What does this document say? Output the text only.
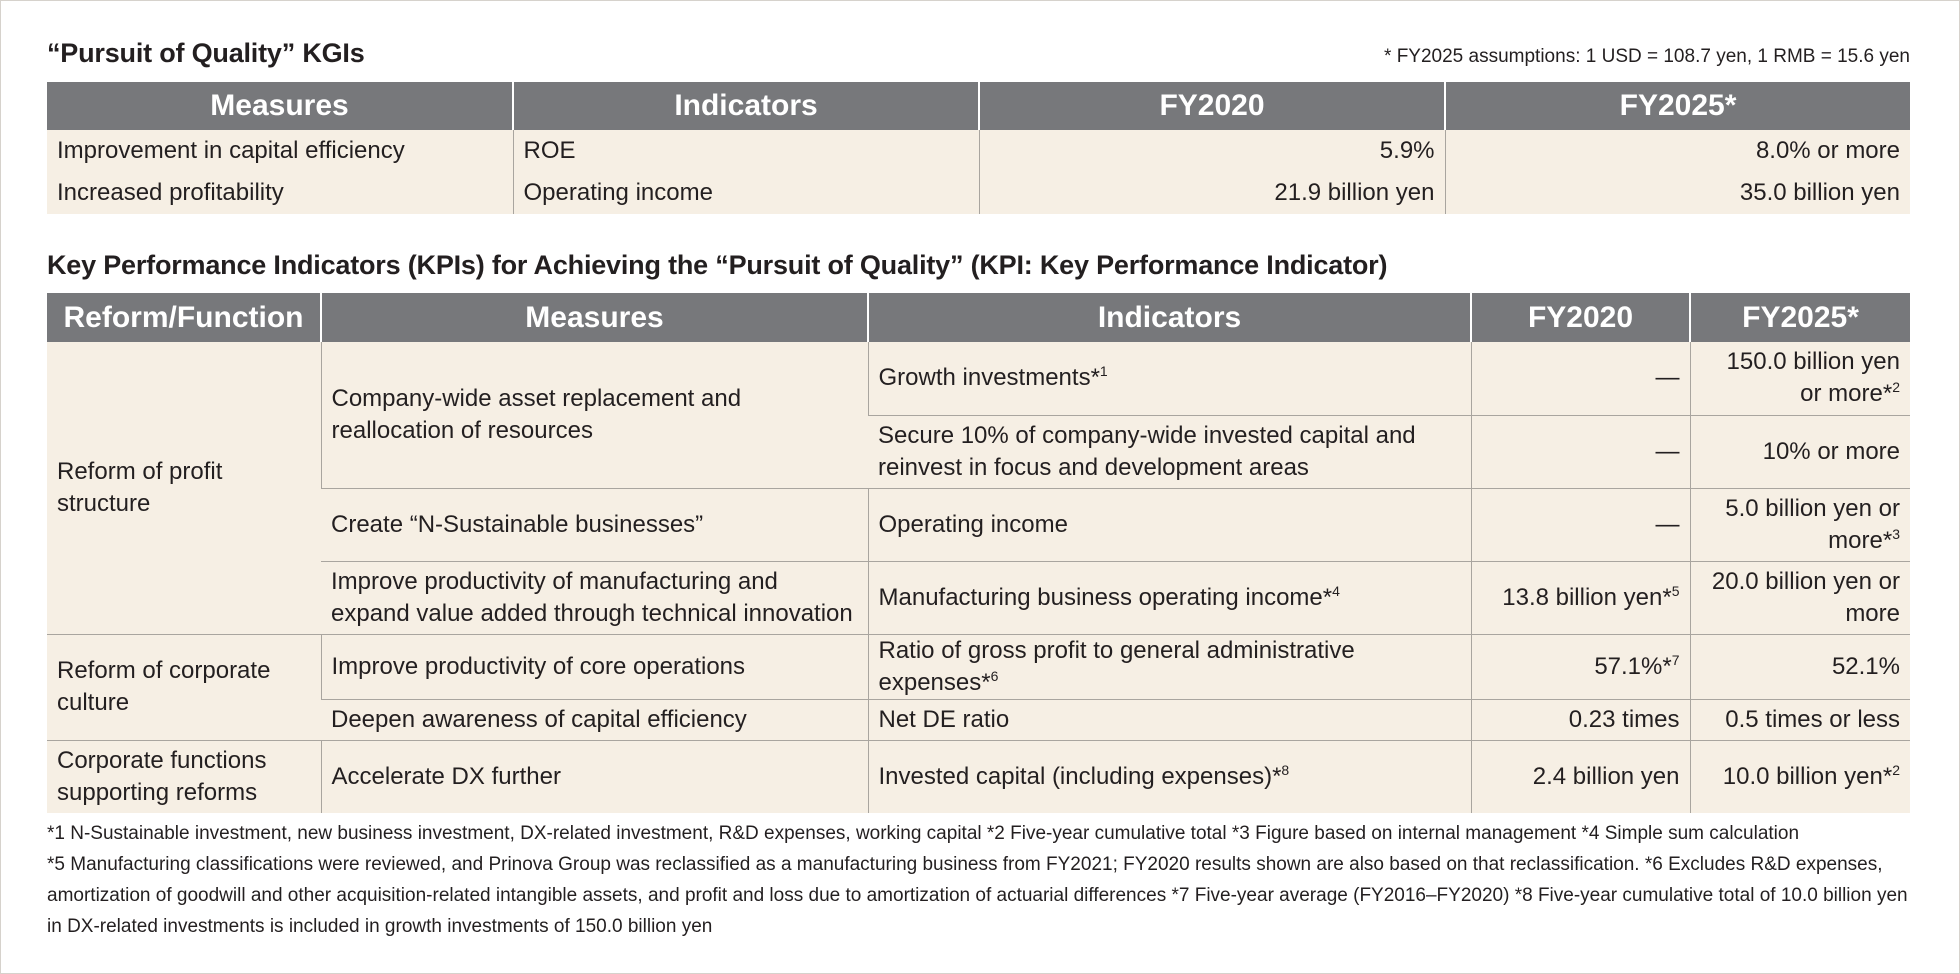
“Pursuit of Quality” KGIs	* FY2025 assumptions: 1 USD = 108.7 yen, 1 RMB = 15.6 yen
Measures	Indicators	FY2020	FY2025*
Improvement in capital efficiency	ROE	5.9%	8.0% or more
Increased profitability	Operating income	21.9 billion yen	35.0 billion yen
Key Performance Indicators (KPIs) for Achieving the “Pursuit of Quality” (KPI: Key Performance Indicator)
Reform/Function	Measures	Indicators	FY2020	FY2025*
Reform of profit structure	Company-wide asset replacement and reallocation of resources	Growth investments*$^1$	—	150.0 billion yen or more*$^2$
		Secure 10% of company-wide invested capital and reinvest in focus and development areas	—	10% or more
	Create “N-Sustainable businesses”	Operating income	—	5.0 billion yen or more*$^3$
	Improve productivity of manufacturing and expand value added through technical innovation	Manufacturing business operating income*$^4$	13.8 billion yen*$^5$	20.0 billion yen or more
Reform of corporate culture	Improve productivity of core operations	Ratio of gross profit to general administrative expenses*$^6$	57.1%*$^7$	52.1%
	Deepen awareness of capital efficiency	Net DE ratio	0.23 times	0.5 times or less
Corporate functions supporting reforms	Accelerate DX further	Invested capital (including expenses)*$^8$	2.4 billion yen	10.0 billion yen*$^2$

*1 N-Sustainable investment, new business investment, DX-related investment, R&D expenses, working capital *2 Five-year cumulative total *3 Figure based on internal management *4 Simple sum calculation

*5 Manufacturing classifications were reviewed, and Prinova Group was reclassified as a manufacturing business from FY2021; FY2020 results shown are also based on that reclassification. *6 Excludes R&D expenses, amortization of goodwill and other acquisition-related intangible assets, and profit and loss due to amortization of actuarial differences *7 Five-year average (FY2016–FY2020) *8 Five-year cumulative total of 10.0 billion yen in DX-related investments is included in growth investments of 150.0 billion yen
